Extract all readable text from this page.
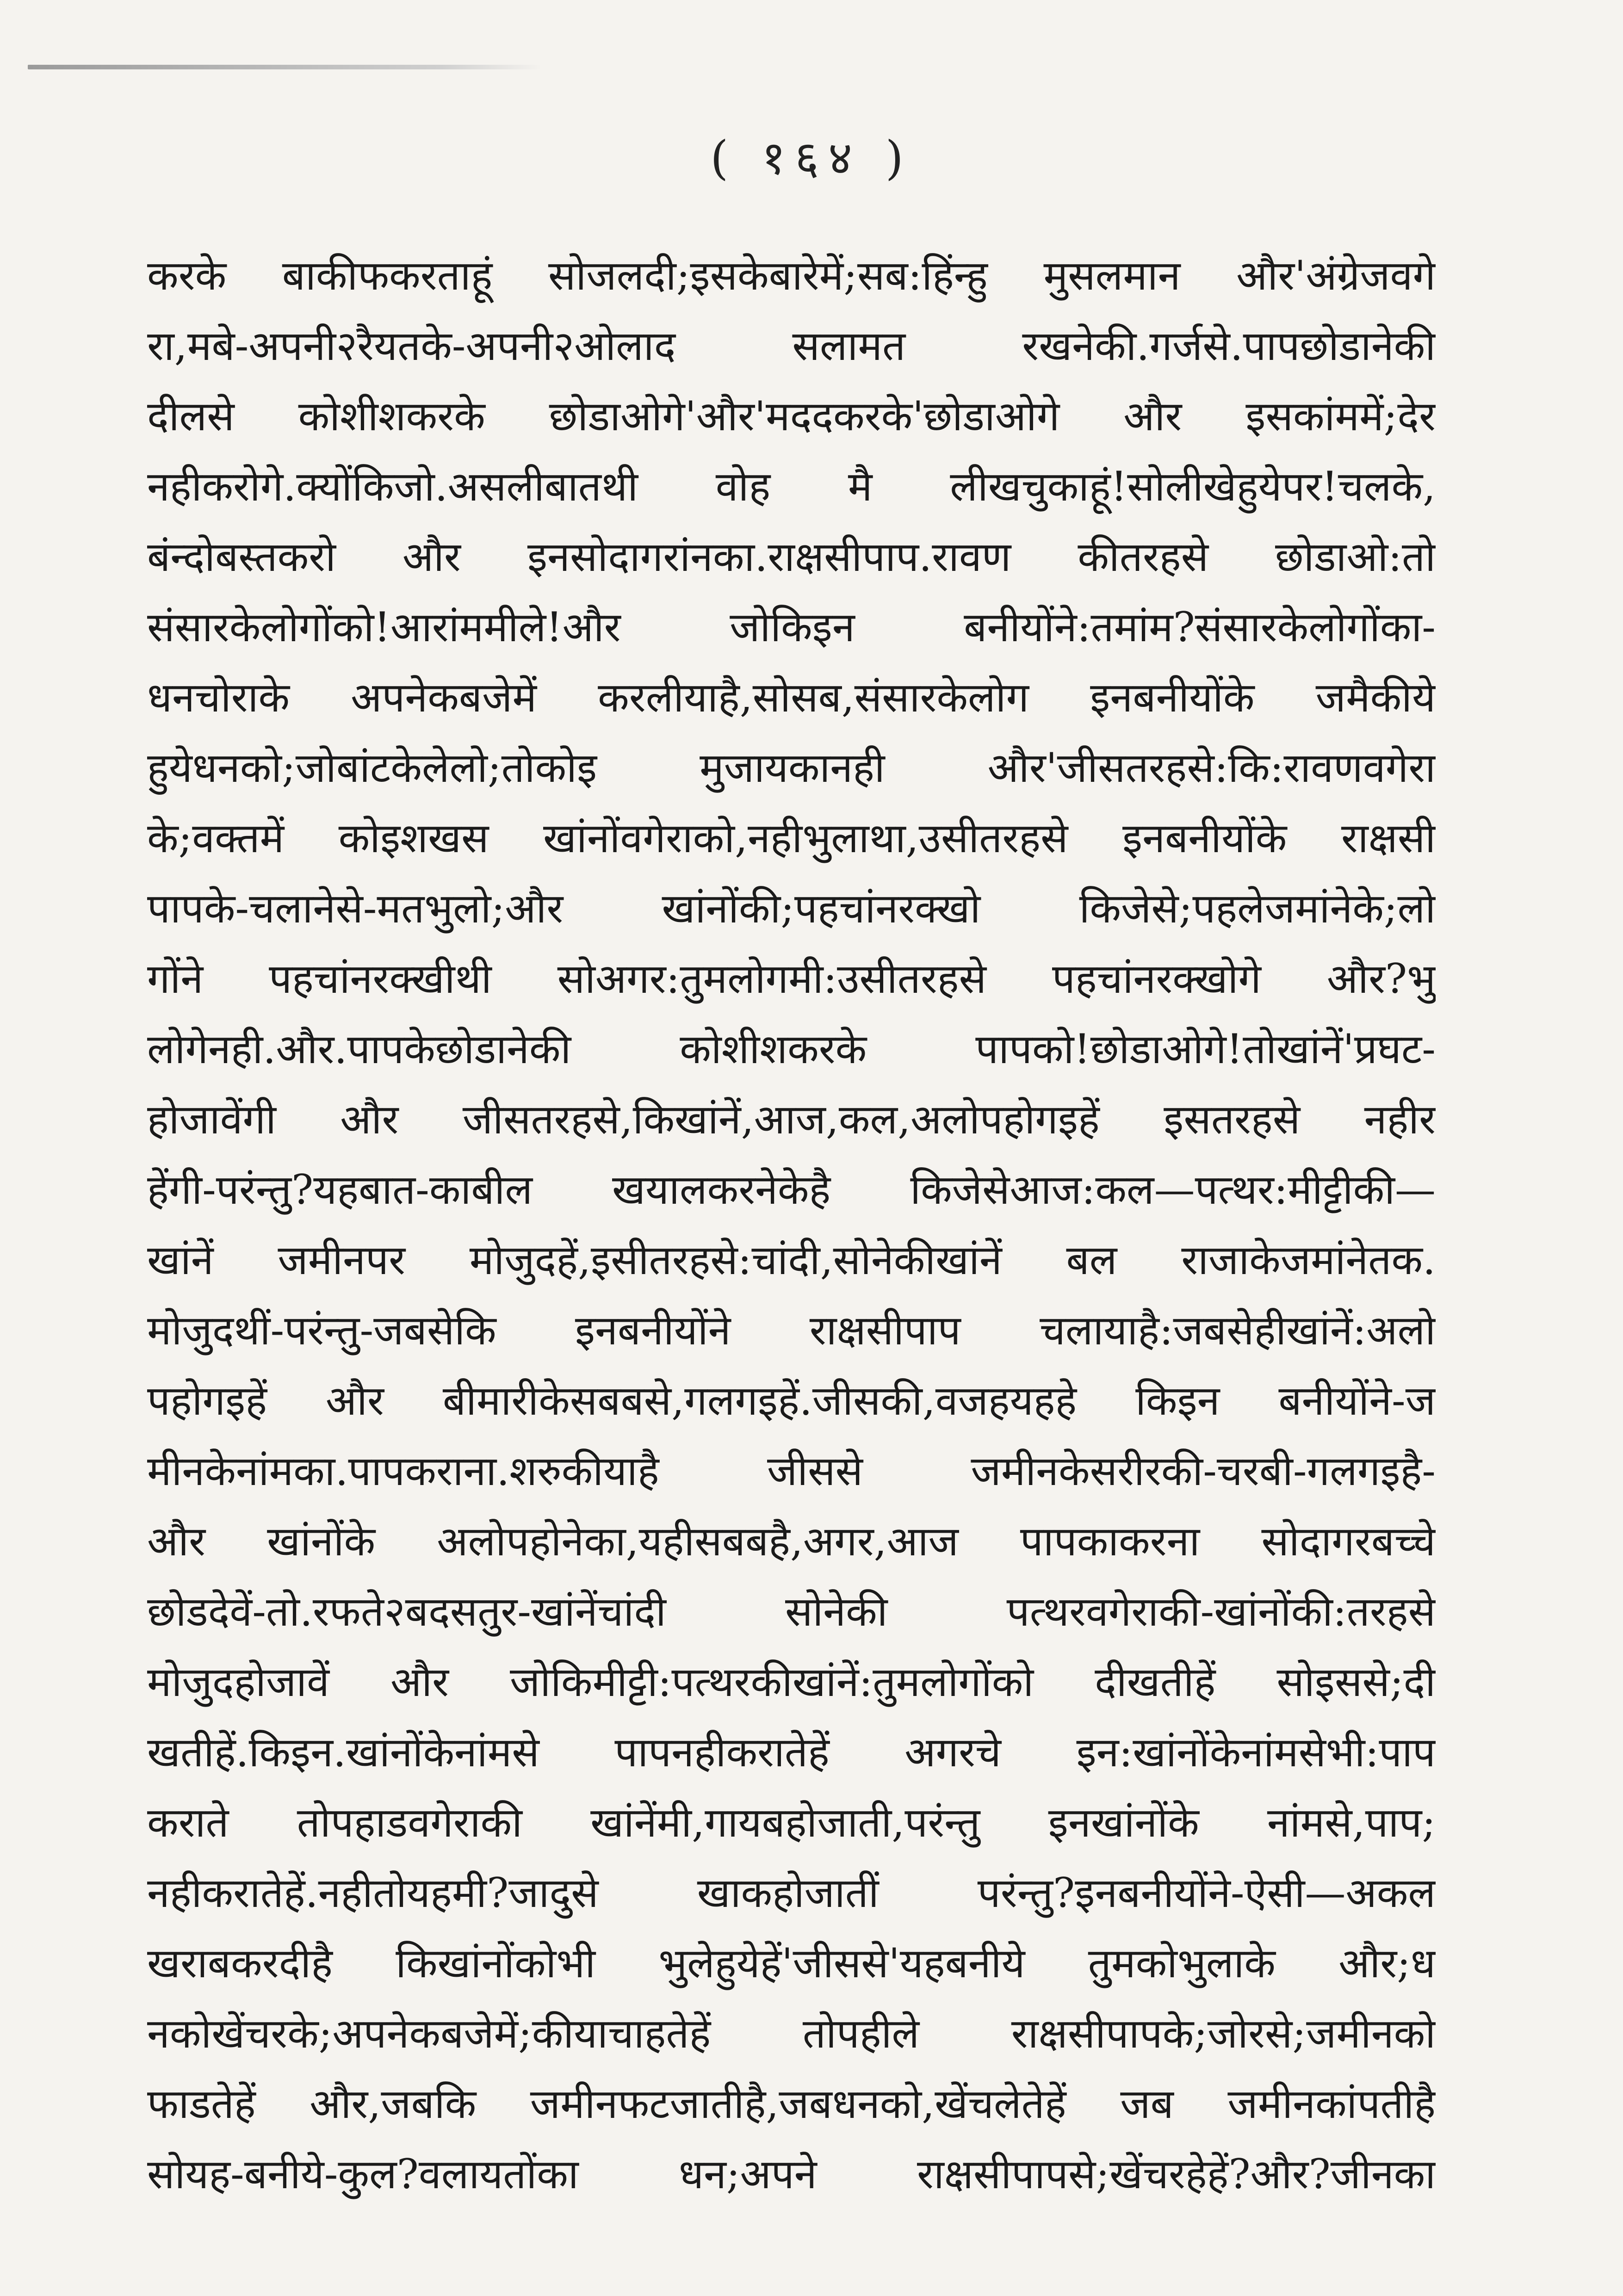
( १६४ )
करके बाकीफकरताहूं सोजलदी;इसकेबारेमें;सब:हिंन्हु मुसलमान और'अंग्रेजवगे
रा,मबे-अपनी२रैयतके-अपनी२ओलाद सलामत रखनेकी.गर्जसे.पापछोडानेकी
दीलसे कोशीशकरके छोडाओगे'और'मददकरके'छोडाओगे और इसकांममें;देर
नहीकरोगे.क्योंकिजो.असलीबातथी वोह मै लीखचुकाहूं!सोलीखेहुयेपर!चलके,
बंन्दोबस्तकरो और इनसोदागरांनका.राक्षसीपाप.रावण कीतरहसे छोडाओ:तो
संसारकेलोगोंको!आरांममीले!और जोकिइन बनीयोंने:तमांम?संसारकेलोगोंका-
धनचोराके अपनेकबजेमें करलीयाहै,सोसब,संसारकेलोग इनबनीयोंके जमैकीये
हुयेधनको;जोबांटकेलेलो;तोकोइ मुजायकानही और'जीसतरहसे:कि:रावणवगेरा
के;वक्तमें कोइशखस खांनोंवगेराको,नहीभुलाथा,उसीतरहसे इनबनीयोंके राक्षसी
पापके-चलानेसे-मतभुलो;और खांनोंकी;पहचांनरक्खो किजेसे;पहलेजमांनेके;लो
गोंने पहचांनरक्खीथी सोअगर:तुमलोगमी:उसीतरहसे पहचांनरक्खोगे और?भु
लोगेनही.और.पापकेछोडानेकी कोशीशकरके पापको!छोडाओगे!तोखांनें'प्रघट-
होजावेंगी और जीसतरहसे,किखांनें,आज,कल,अलोपहोगइहें इसतरहसे नहीर
हेंगी-परंन्तु?यहबात-काबील खयालकरनेकेहै किजेसेआज:कल—पत्थर:मीट्टीकी—
खांनें जमीनपर मोजुदहें,इसीतरहसे:चांदी,सोनेकीखांनें बल राजाकेजमांनेतक.
मोजुदथीं-परंन्तु-जबसेकि इनबनीयोंने राक्षसीपाप चलायाहै:जबसेहीखांनें:अलो
पहोगइहें और बीमारीकेसबबसे,गलगइहें.जीसकी,वजहयहहे किइन बनीयोंने-ज
मीनकेनांमका.पापकराना.शरुकीयाहै जीससे जमीनकेसरीरकी-चरबी-गलगइहै-
और खांनोंके अलोपहोनेका,यहीसबबहै,अगर,आज पापकाकरना सोदागरबच्चे
छोडदेवें-तो.रफते२बदसतुर-खांनेंचांदी सोनेकी पत्थरवगेराकी-खांनोंकी:तरहसे
मोजुदहोजावें और जोकिमीट्टी:पत्थरकीखांनें:तुमलोगोंको दीखतीहें सोइससे;दी
खतीहें.किइन.खांनोंकेनांमसे पापनहीकरातेहें अगरचे इन:खांनोंकेनांमसेभी:पाप
कराते तोपहाडवगेराकी खांनेंमी,गायबहोजाती,परंन्तु इनखांनोंके नांमसे,पाप;
नहीकरातेहें.नहीतोयहमी?जादुसे खाकहोजातीं परंन्तु?इनबनीयोंने-ऐसी—अकल
खराबकरदीहै किखांनोंकोभी भुलेहुयेहें'जीससे'यहबनीये तुमकोभुलाके और;ध
नकोखेंचरके;अपनेकबजेमें;कीयाचाहतेहें तोपहीले राक्षसीपापके;जोरसे;जमीनको
फाडतेहें और,जबकि जमीनफटजातीहै,जबधनको,खेंचलेतेहें जब जमीनकांपतीहै
सोयह-बनीये-कुल?वलायतोंका धन;अपने राक्षसीपापसे;खेंचरहेहें?और?जीनका
